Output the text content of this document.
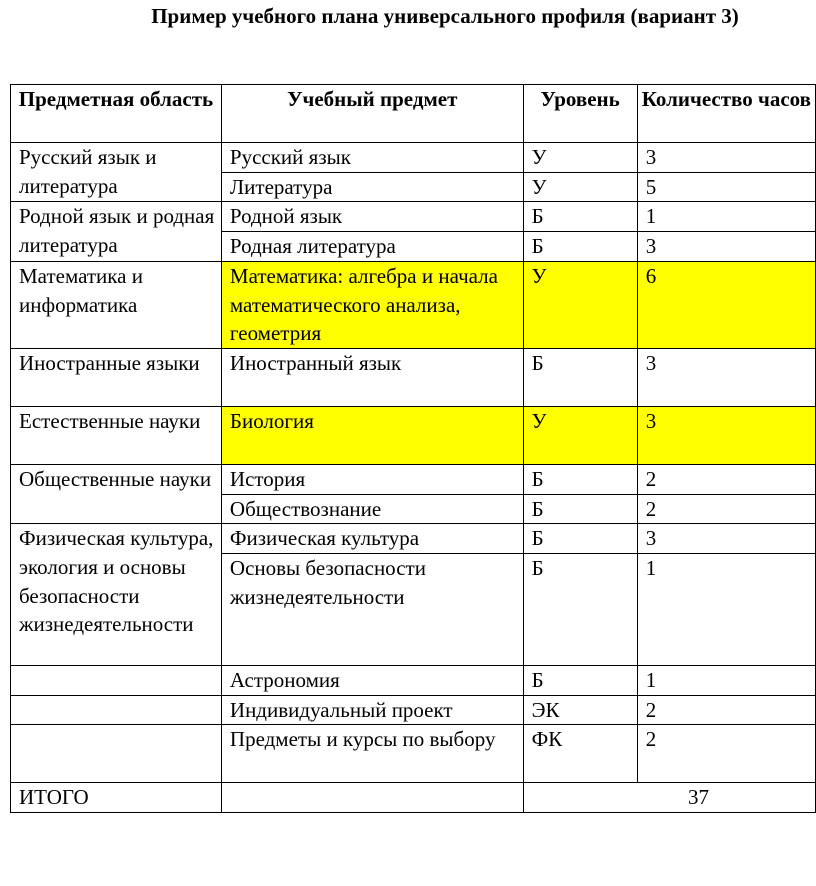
Пример учебного плана универсального профиля (вариант 3)
Предметная область	Учебный предмет	Уровень	Количество часов
Русский язык и литература	Русский язык	У	3
	Литература	У	5
Родной язык и родная литература	Родной язык	Б	1
	Родная литература	Б	3
Математика и информатика	Математика: алгебра и начала математического анализа, геометрия	У	6
Иностранные языки	Иностранный язык	Б	3
Естественные науки	Биология	У	3
Общественные науки	История	Б	2
	Обществознание	Б	2
Физическая культура, экология и основы безопасности жизнедеятельности	Физическая культура	Б	3
	Основы безопасности жизнедеятельности	Б	1
	Астрономия	Б	1
	Индивидуальный проект	ЭК	2
	Предметы и курсы по выбору	ФК	2
ИТОГО		37	
